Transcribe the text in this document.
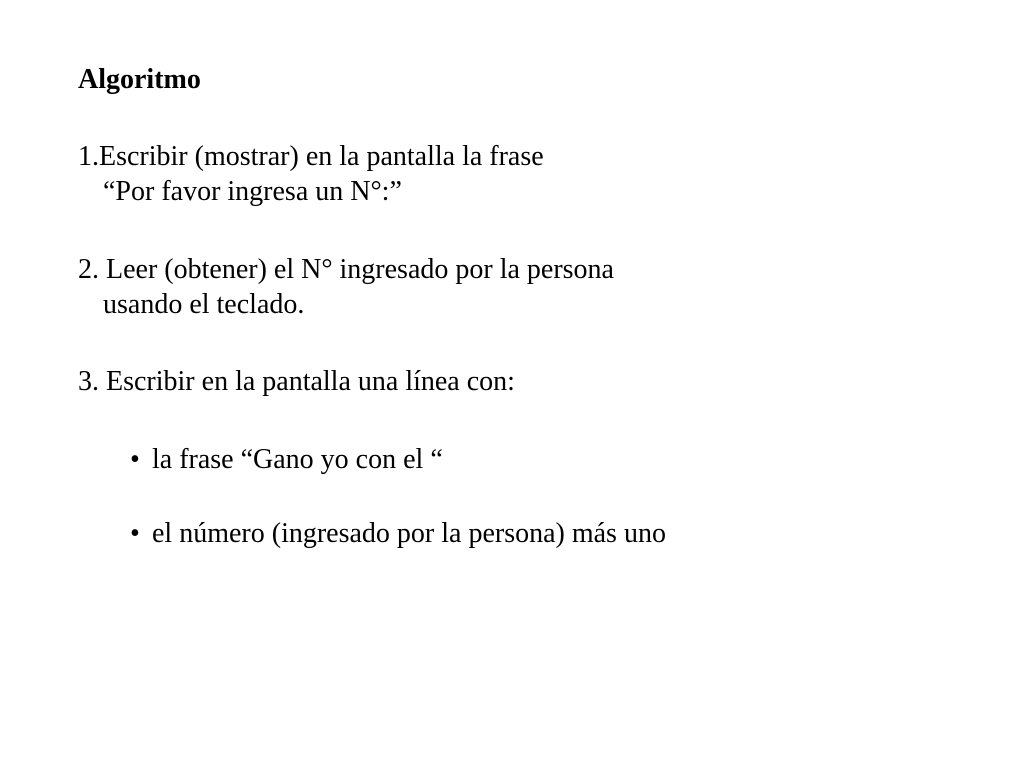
Algoritmo
1.Escribir (mostrar) en la pantalla la frase
“Por favor ingresa un N°:”
2. Leer (obtener) el N° ingresado por la persona
usando el teclado.
3. Escribir en la pantalla una línea con:
• la frase “Gano yo con el “
• el número (ingresado por la persona) más uno
